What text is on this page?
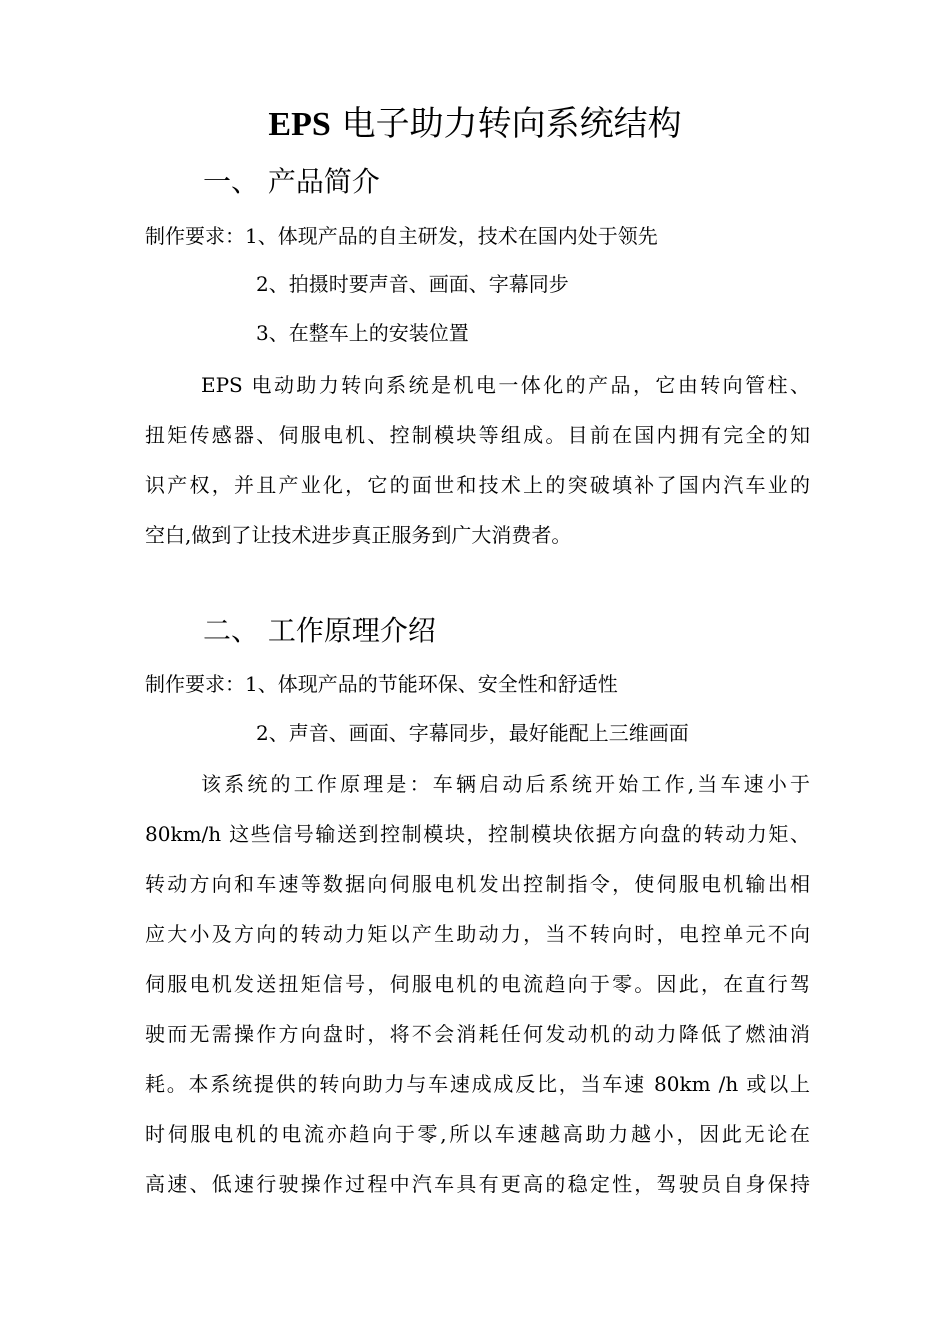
EPS 电子助力转向系统结构
一、 产品简介
制作要求：1、体现产品的自主研发，技术在国内处于领先
2、拍摄时要声音、画面、字幕同步
3、在整车上的安装位置
EPS 电动助力转向系统是机电一体化的产品，它由转向管柱、
扭矩传感器、伺服电机、控制模块等组成。目前在国内拥有完全的知
识产权，并且产业化，它的面世和技术上的突破填补了国内汽车业的
空白,做到了让技术进步真正服务到广大消费者。
二、 工作原理介绍
制作要求：1、体现产品的节能环保、安全性和舒适性
2、声音、画面、字幕同步，最好能配上三维画面
该系统的工作原理是：车辆启动后系统开始工作,当车速小于
80km/h 这些信号输送到控制模块，控制模块依据方向盘的转动力矩、
转动方向和车速等数据向伺服电机发出控制指令，使伺服电机输出相
应大小及方向的转动力矩以产生助动力，当不转向时，电控单元不向
伺服电机发送扭矩信号，伺服电机的电流趋向于零。因此，在直行驾
驶而无需操作方向盘时，将不会消耗任何发动机的动力降低了燃油消
耗。本系统提供的转向助力与车速成成反比，当车速 80km /h 或以上
时伺服电机的电流亦趋向于零,所以车速越高助力越小，因此无论在
高速、低速行驶操作过程中汽车具有更高的稳定性，驾驶员自身保持
